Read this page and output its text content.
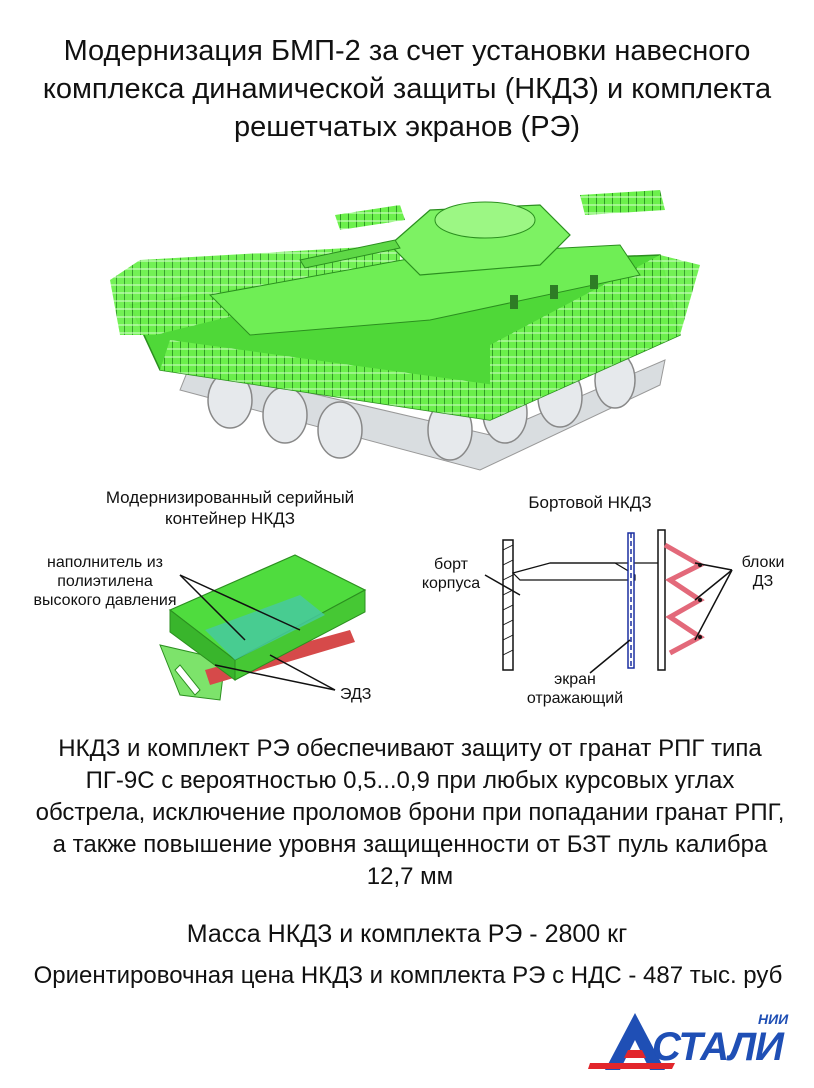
Модернизация БМП-2 за счет установки навесного комплекса динамической защиты (НКДЗ) и комплекта решетчатых экранов (РЭ)
Модернизированный серийный контейнер НКДЗ
наполнитель из полиэтилена высокого давления
ЭДЗ
Бортовой НКДЗ
борт корпуса
блоки ДЗ
экран отражающий

НКДЗ и комплект РЭ обеспечивают защиту от гранат РПГ типа ПГ-9С с вероятностью 0,5...0,9 при любых курсовых углах обстрела, исключение проломов брони при попадании гранат РПГ, а также повышение уровня защищенности от БЗТ пуль калибра 12,7 мм

Масса НКДЗ и комплекта РЭ - 2800 кг
Ориентировочная цена НКДЗ и комплекта РЭ с НДС - 487 тыс. руб
НИИ
СТАЛИ
